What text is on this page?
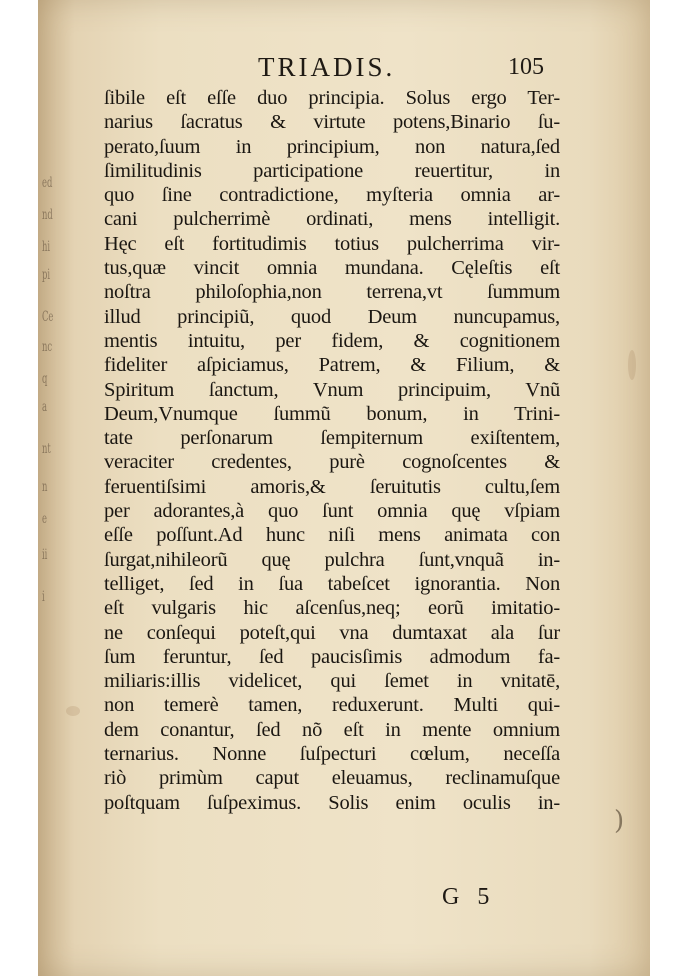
ed
nd
hi
pi
Ce
nc
q
a
nt
n
e
ii
i
TRIADIS.	105
ſibile eſt eſſe duo principia. Solus ergo Ter-
narius ſacratus & virtute potens,Binario ſu-
perato,ſuum in principium, non natura,ſed
ſimilitudinis participatione reuertitur, in
quo ſine contradictione, myſteria omnia ar-
cani pulcherrimè ordinati, mens intelligit.
Hęc eſt fortitudimis totius pulcherrima vir-
tus,quæ vincit omnia mundana. Cęleſtis eſt
noſtra philoſophia,non terrena,vt ſummum
illud principiũ, quod Deum nuncupamus,
mentis intuitu, per fidem, & cognitionem
fideliter aſpiciamus, Patrem, & Filium, &
Spiritum ſanctum, Vnum principuim, Vnũ
Deum,Vnumque ſummũ bonum, in Trini-
tate perſonarum ſempiternum exiſtentem,
veraciter credentes, purè cognoſcentes &
feruentiſsimi amoris,& ſeruitutis cultu,ſem
per adorantes,à quo ſunt omnia quę vſpiam
eſſe poſſunt.Ad hunc niſi mens animata con
ſurgat,nihileorũ quę pulchra ſunt,vnquã in-
telliget, ſed in ſua tabeſcet ignorantia. Non
eſt vulgaris hic aſcenſus,neq; eorũ imitatio-
ne conſequi poteſt,qui vna dumtaxat ala ſur
ſum feruntur, ſed paucisſimis admodum fa-
miliaris:illis videlicet, qui ſemet in vnitatē,
non temerè tamen, reduxerunt. Multi qui-
dem conantur, ſed nõ eſt in mente omnium
ternarius. Nonne ſuſpecturi cœlum, neceſſa
riò primùm caput eleuamus, reclinamuſque
poſtquam ſuſpeximus. Solis enim oculis in-
)
G 5
